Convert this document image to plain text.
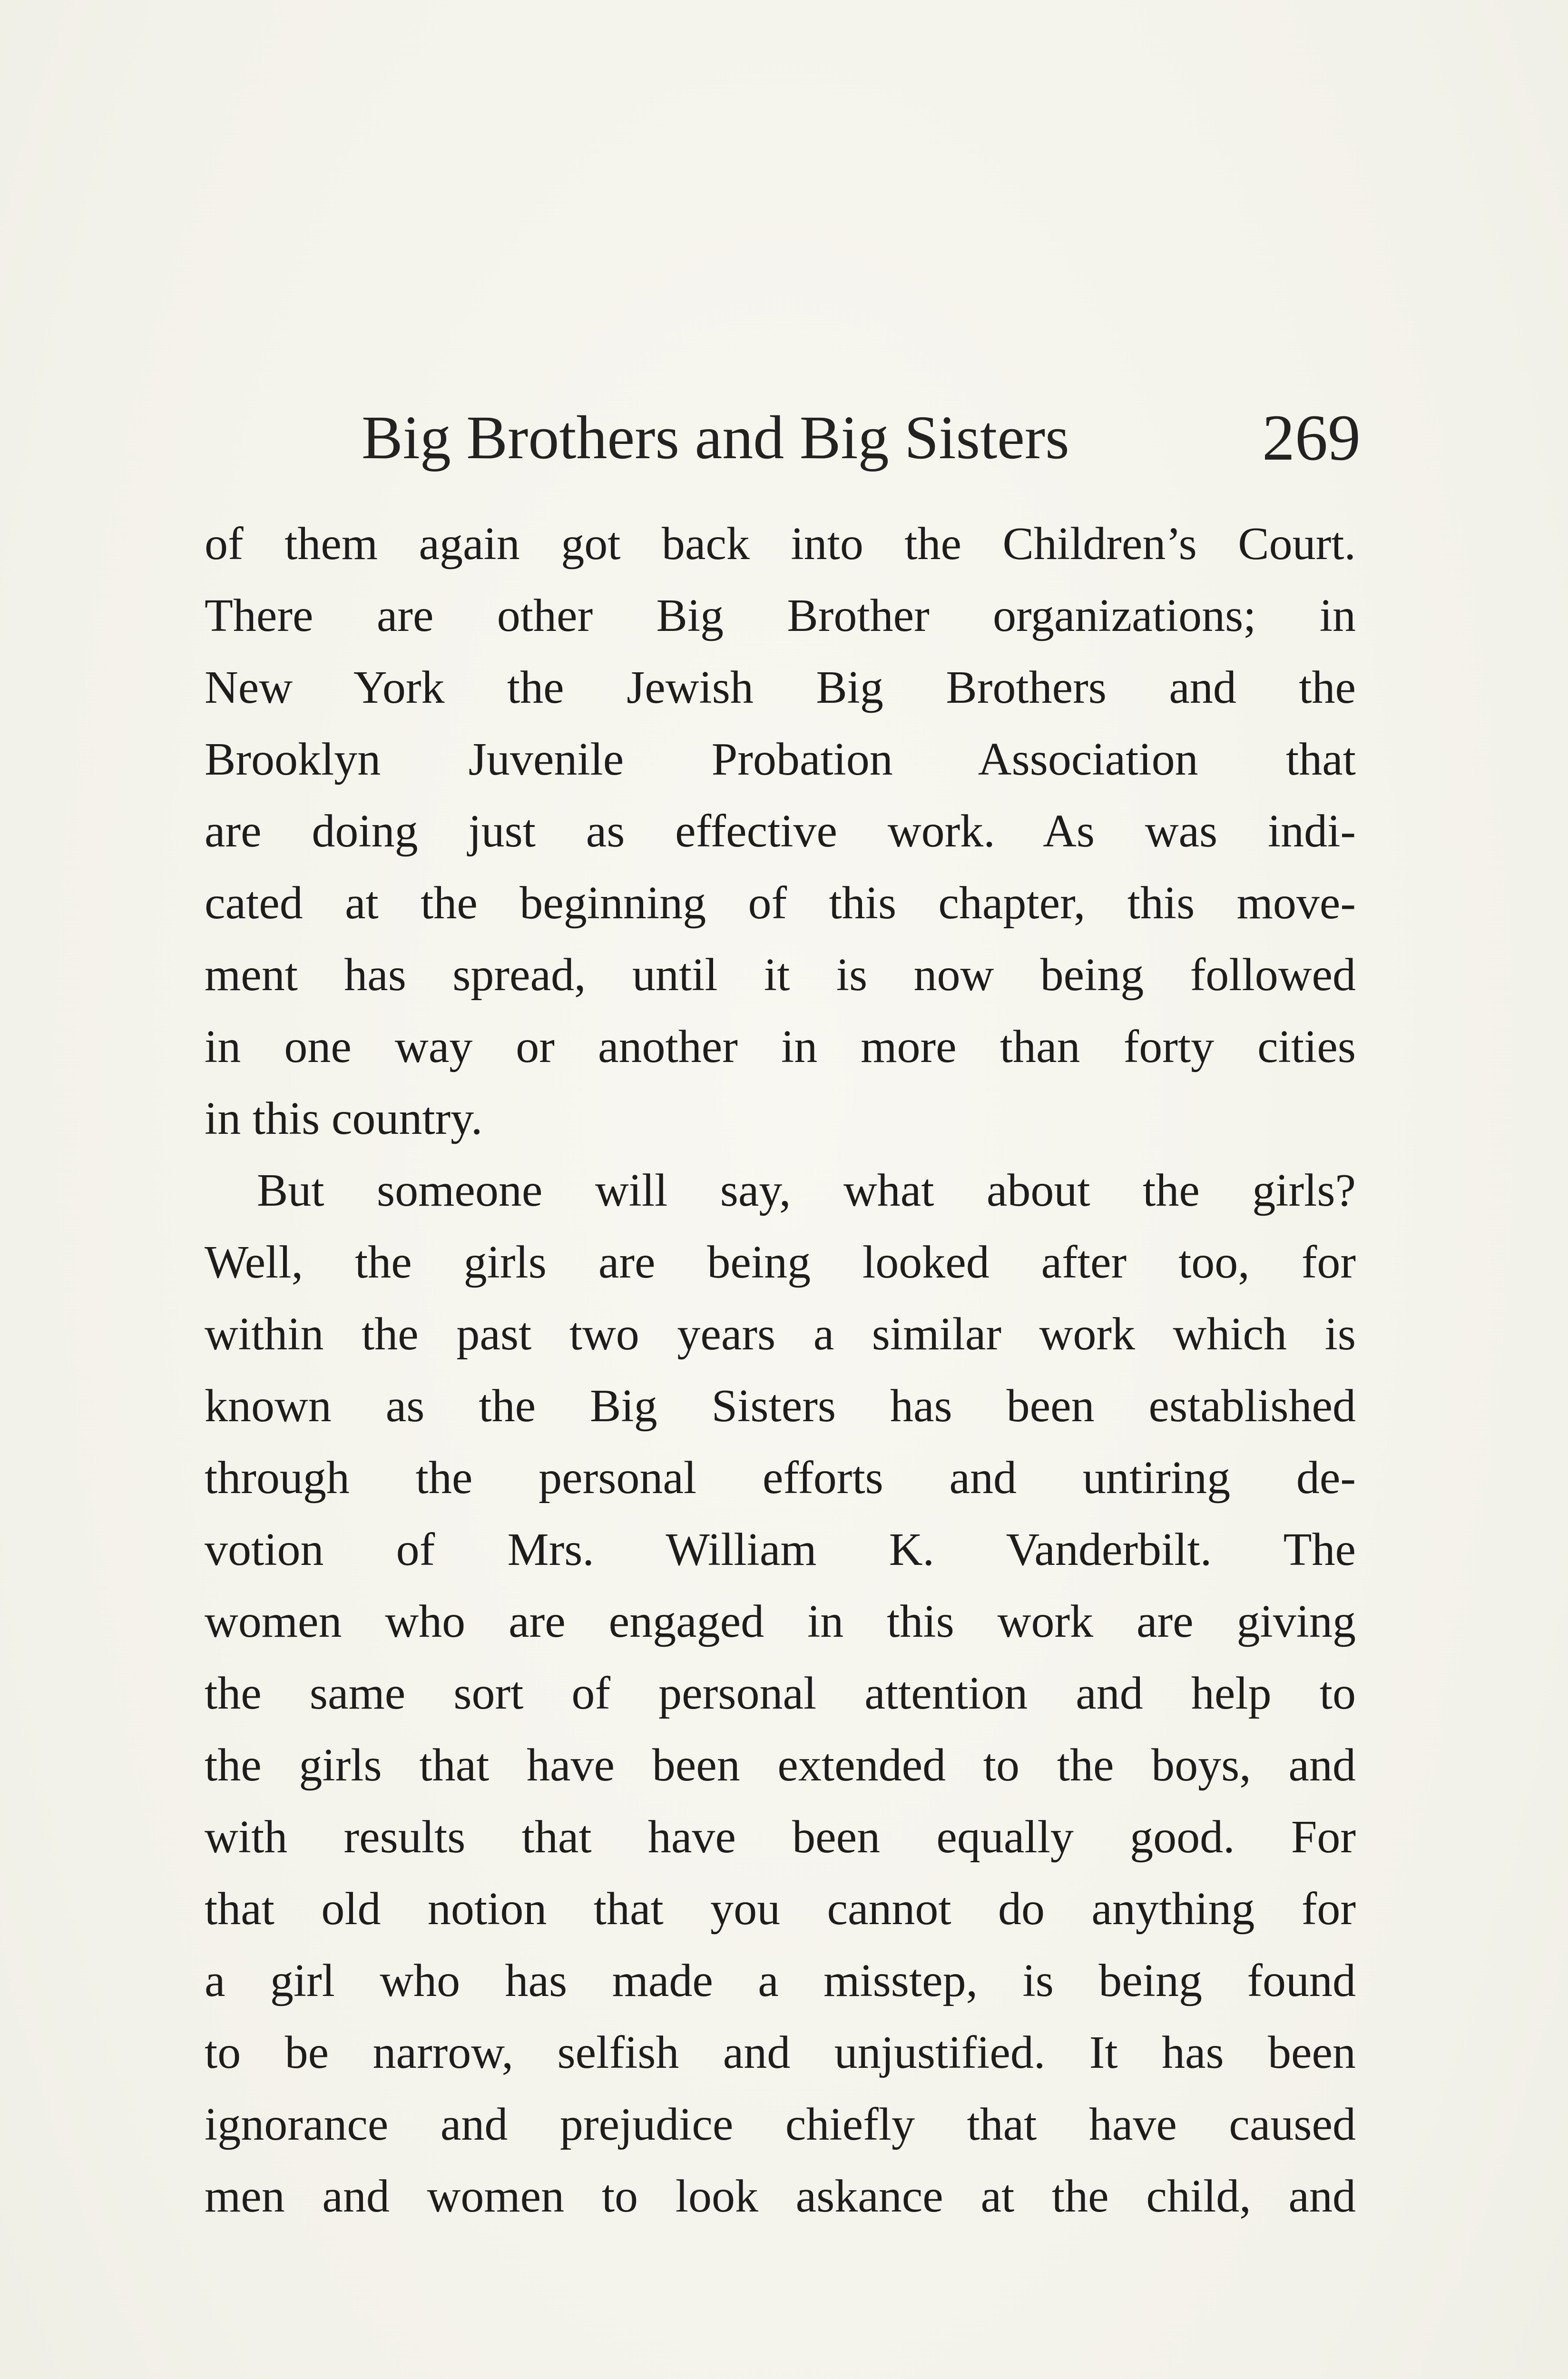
Big Brothers and Big Sisters	269
of them again got back into the Children’s Court.
There are other Big Brother organizations; in
New York the Jewish Big Brothers and the
Brooklyn Juvenile Probation Association that
are doing just as effective work. As was indi-
cated at the beginning of this chapter, this move-
ment has spread, until it is now being followed
in one way or another in more than forty cities
in this country.
But someone will say, what about the girls?
Well, the girls are being looked after too, for
within the past two years a similar work which is
known as the Big Sisters has been established
through the personal efforts and untiring de-
votion of Mrs. William K. Vanderbilt. The
women who are engaged in this work are giving
the same sort of personal attention and help to
the girls that have been extended to the boys, and
with results that have been equally good. For
that old notion that you cannot do anything for
a girl who has made a misstep, is being found
to be narrow, selfish and unjustified. It has been
ignorance and prejudice chiefly that have caused
men and women to look askance at the child, and
